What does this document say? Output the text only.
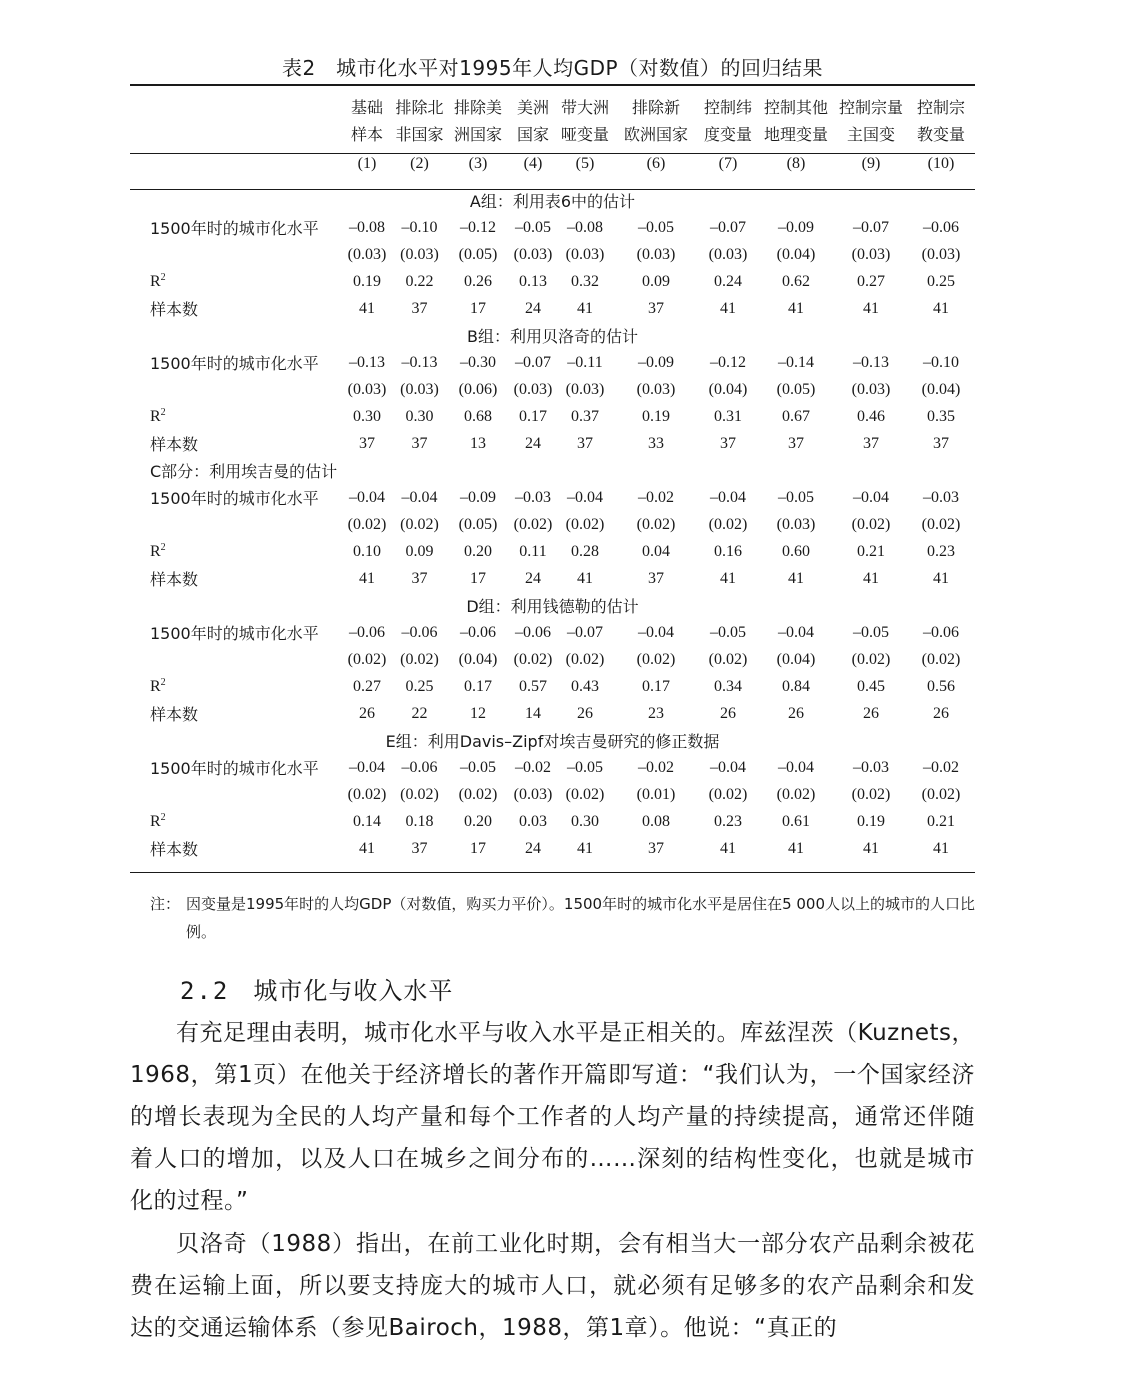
表2　城市化水平对1995年人均GDP（对数值）的回归结果
	基础	排除北	排除美	美洲	带大洲	排除新	控制纬	控制其他	控制宗量	控制宗
	样本	非国家	洲国家	国家	哑变量	欧洲国家	度变量	地理变量	主国变	教变量
	(1)	(2)	(3)	(4)	(5)	(6)	(7)	(8)	(9)	(10)

A组：利用表6中的估计										
1500年时的城市化水平	–0.08	–0.10	–0.12	–0.05	–0.08	–0.05	–0.07	–0.09	–0.07	–0.06
	(0.03)	(0.03)	(0.05)	(0.03)	(0.03)	(0.03)	(0.03)	(0.04)	(0.03)	(0.03)
$R^2$	0.19	0.22	0.26	0.13	0.32	0.09	0.24	0.62	0.27	0.25
样本数	41	37	17	24	41	37	41	41	41	41
B组：利用贝洛奇的估计										
1500年时的城市化水平	–0.13	–0.13	–0.30	–0.07	–0.11	–0.09	–0.12	–0.14	–0.13	–0.10
	(0.03)	(0.03)	(0.06)	(0.03)	(0.03)	(0.03)	(0.04)	(0.05)	(0.03)	(0.04)
$R^2$	0.30	0.30	0.68	0.17	0.37	0.19	0.31	0.67	0.46	0.35
样本数	37	37	13	24	37	33	37	37	37	37
C部分：利用埃吉曼的估计										
1500年时的城市化水平	–0.04	–0.04	–0.09	–0.03	–0.04	–0.02	–0.04	–0.05	–0.04	–0.03
	(0.02)	(0.02)	(0.05)	(0.02)	(0.02)	(0.02)	(0.02)	(0.03)	(0.02)	(0.02)
$R^2$	0.10	0.09	0.20	0.11	0.28	0.04	0.16	0.60	0.21	0.23
样本数	41	37	17	24	41	37	41	41	41	41
D组：利用钱德勒的估计										
1500年时的城市化水平	–0.06	–0.06	–0.06	–0.06	–0.07	–0.04	–0.05	–0.04	–0.05	–0.06
	(0.02)	(0.02)	(0.04)	(0.02)	(0.02)	(0.02)	(0.02)	(0.04)	(0.02)	(0.02)
$R^2$	0.27	0.25	0.17	0.57	0.43	0.17	0.34	0.84	0.45	0.56
样本数	26	22	12	14	26	23	26	26	26	26
E组：利用Davis–Zipf对埃吉曼研究的修正数据										
1500年时的城市化水平	–0.04	–0.06	–0.05	–0.02	–0.05	–0.02	–0.04	–0.04	–0.03	–0.02
	(0.02)	(0.02)	(0.02)	(0.03)	(0.02)	(0.01)	(0.02)	(0.02)	(0.02)	(0.02)
$R^2$	0.14	0.18	0.20	0.03	0.30	0.08	0.23	0.61	0.19	0.21
样本数	41	37	17	24	41	37	41	41	41	41
注： 因变量是1995年时的人均GDP（对数值，购买力平价）。1500年时的城市化水平是居住在5 000人以上的城市的人口比例。
2.2 城市化与收入水平
有充足理由表明，城市化水平与收入水平是正相关的。库兹涅茨（Kuznets，1968，第1页）在他关于经济增长的著作开篇即写道：“我们认为，一个国家经济的增长表现为全民的人均产量和每个工作者的人均产量的持续提高，通常还伴随着人口的增加，以及人口在城乡之间分布的……深刻的结构性变化，也就是城市化的过程。”
贝洛奇（1988）指出，在前工业化时期，会有相当大一部分农产品剩余被花费在运输上面，所以要支持庞大的城市人口，就必须有足够多的农产品剩余和发达的交通运输体系（参见Bairoch，1988，第1章）。他说：“真正的
